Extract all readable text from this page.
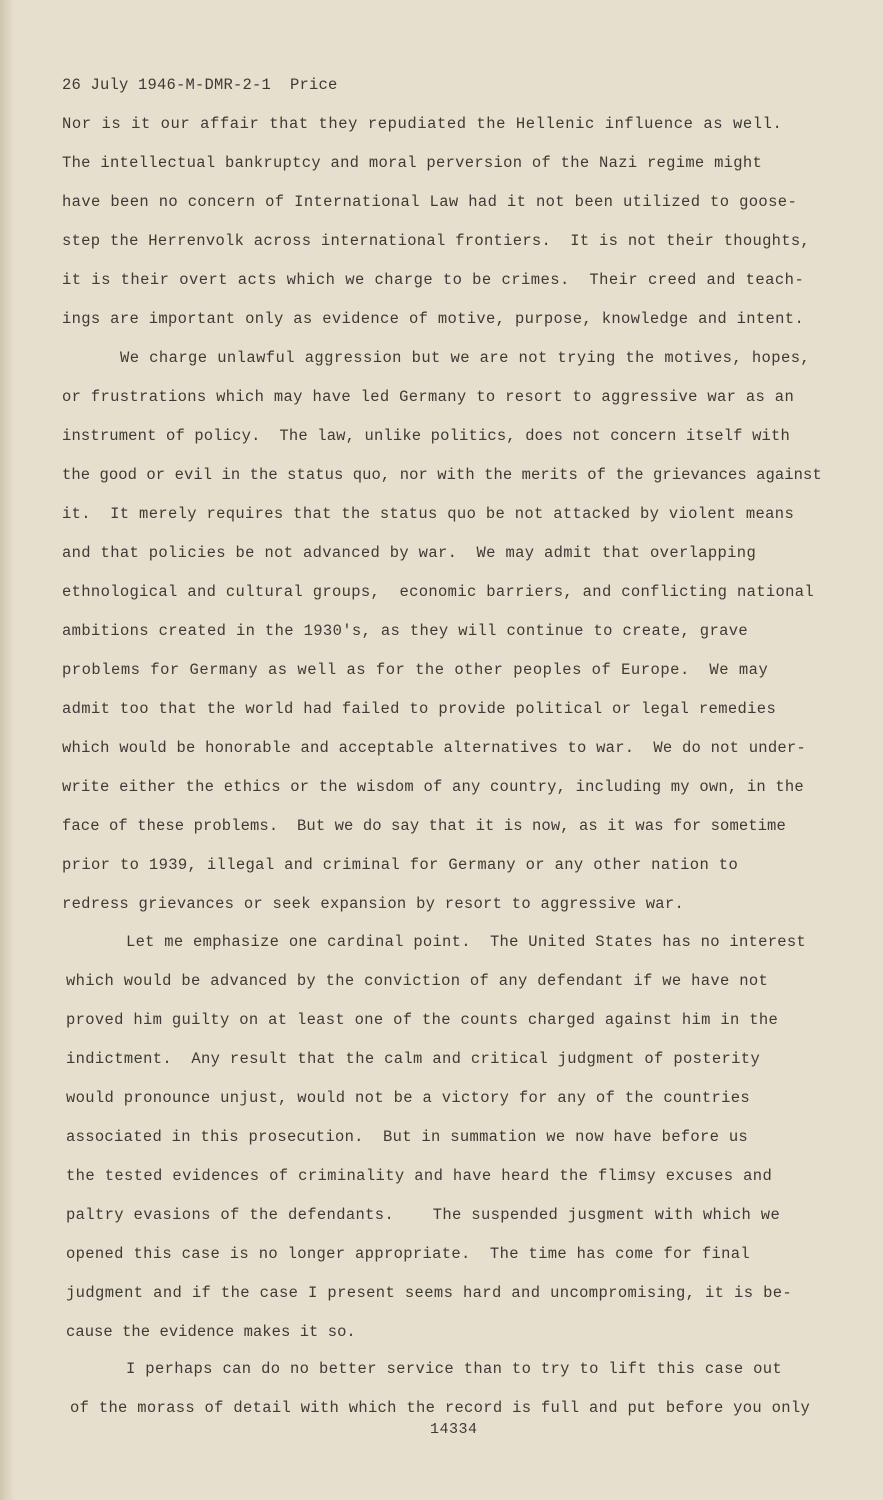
26 July 1946-M-DMR-2-1  Price
Nor is it our affair that they repudiated the Hellenic influence as well.
The intellectual bankruptcy and moral perversion of the Nazi regime might
have been no concern of International Law had it not been utilized to goose-
step the Herrenvolk across international frontiers.  It is not their thoughts,
it is their overt acts which we charge to be crimes.  Their creed and teach-
ings are important only as evidence of motive, purpose, knowledge and intent.
We charge unlawful aggression but we are not trying the motives, hopes,
or frustrations which may have led Germany to resort to aggressive war as an
instrument of policy.  The law, unlike politics, does not concern itself with
the good or evil in the status quo, nor with the merits of the grievances against
it.  It merely requires that the status quo be not attacked by violent means
and that policies be not advanced by war.  We may admit that overlapping
ethnological and cultural groups,  economic barriers, and conflicting national
ambitions created in the 1930's, as they will continue to create, grave
problems for Germany as well as for the other peoples of Europe.  We may
admit too that the world had failed to provide political or legal remedies
which would be honorable and acceptable alternatives to war.  We do not under-
write either the ethics or the wisdom of any country, including my own, in the
face of these problems.  But we do say that it is now, as it was for sometime
prior to 1939, illegal and criminal for Germany or any other nation to
redress grievances or seek expansion by resort to aggressive war.
Let me emphasize one cardinal point.  The United States has no interest
which would be advanced by the conviction of any defendant if we have not
proved him guilty on at least one of the counts charged against him in the
indictment.  Any result that the calm and critical judgment of posterity
would pronounce unjust, would not be a victory for any of the countries
associated in this prosecution.  But in summation we now have before us
the tested evidences of criminality and have heard the flimsy excuses and
paltry evasions of the defendants.    The suspended jusgment with which we
opened this case is no longer appropriate.  The time has come for final
judgment and if the case I present seems hard and uncompromising, it is be-
cause the evidence makes it so.
I perhaps can do no better service than to try to lift this case out
of the morass of detail with which the record is full and put before you only
14334
